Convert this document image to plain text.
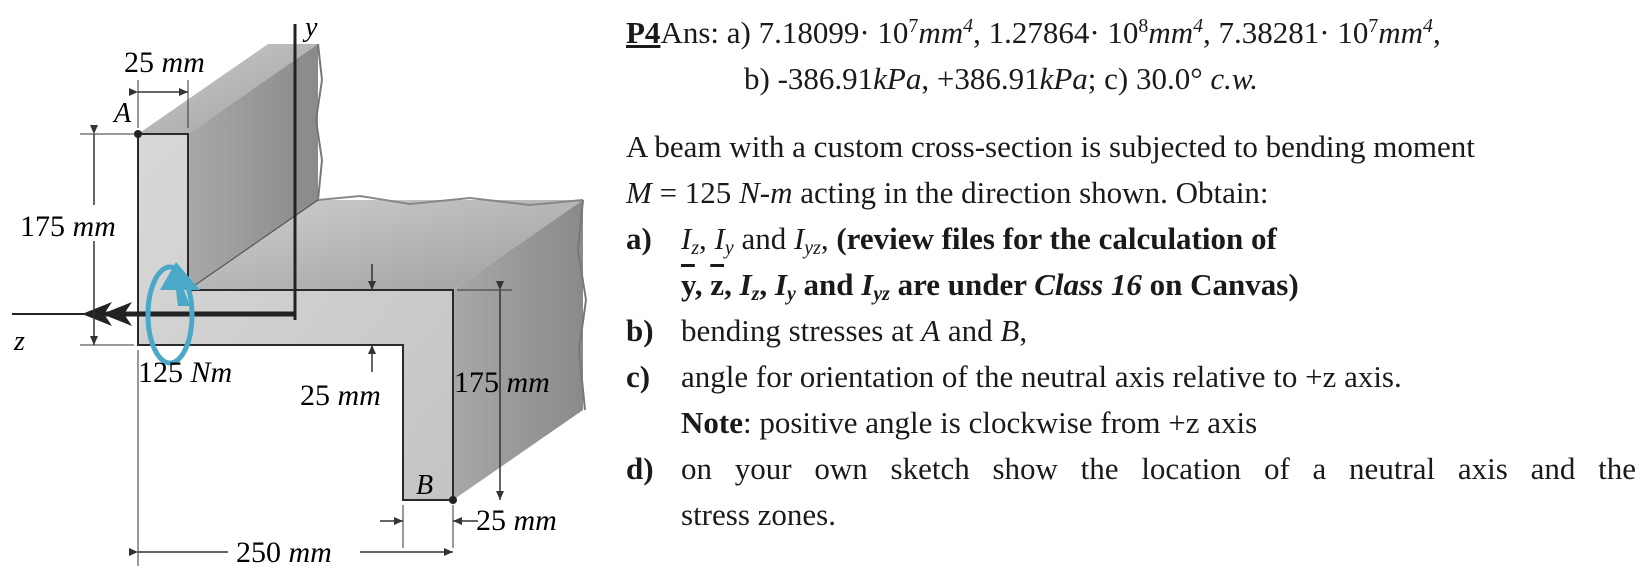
A
B
y
z
25 mm
175 mm
125 Nm
25 mm 175 mm
25 mm
250 mm
P4Ans: a) $7.18099\cdot 10^7mm^4$, $1.27864\cdot 10^8mm^4$, $7.38281\cdot 10^7mm^4$,
b) -386.91kPa, +386.91kPa; c) 30.0° c.w.
A beam with a custom cross-section is subjected to bending moment
M = 125 N-m acting in the direction shown. Obtain:
a) $I_z$, $I_y$ and $I_{yz}$, (review files for the calculation of
$\overline{y}$, $\overline{z}$, $I_z$, $I_y$ and $I_{yz}$ are under Class 16 on Canvas)
b) bending stresses at A and B,
c) angle for orientation of the neutral axis relative to +z axis.
Note: positive angle is clockwise from +z axis
d) on your own sketch show the location of a neutral axis and the
stress zones.
